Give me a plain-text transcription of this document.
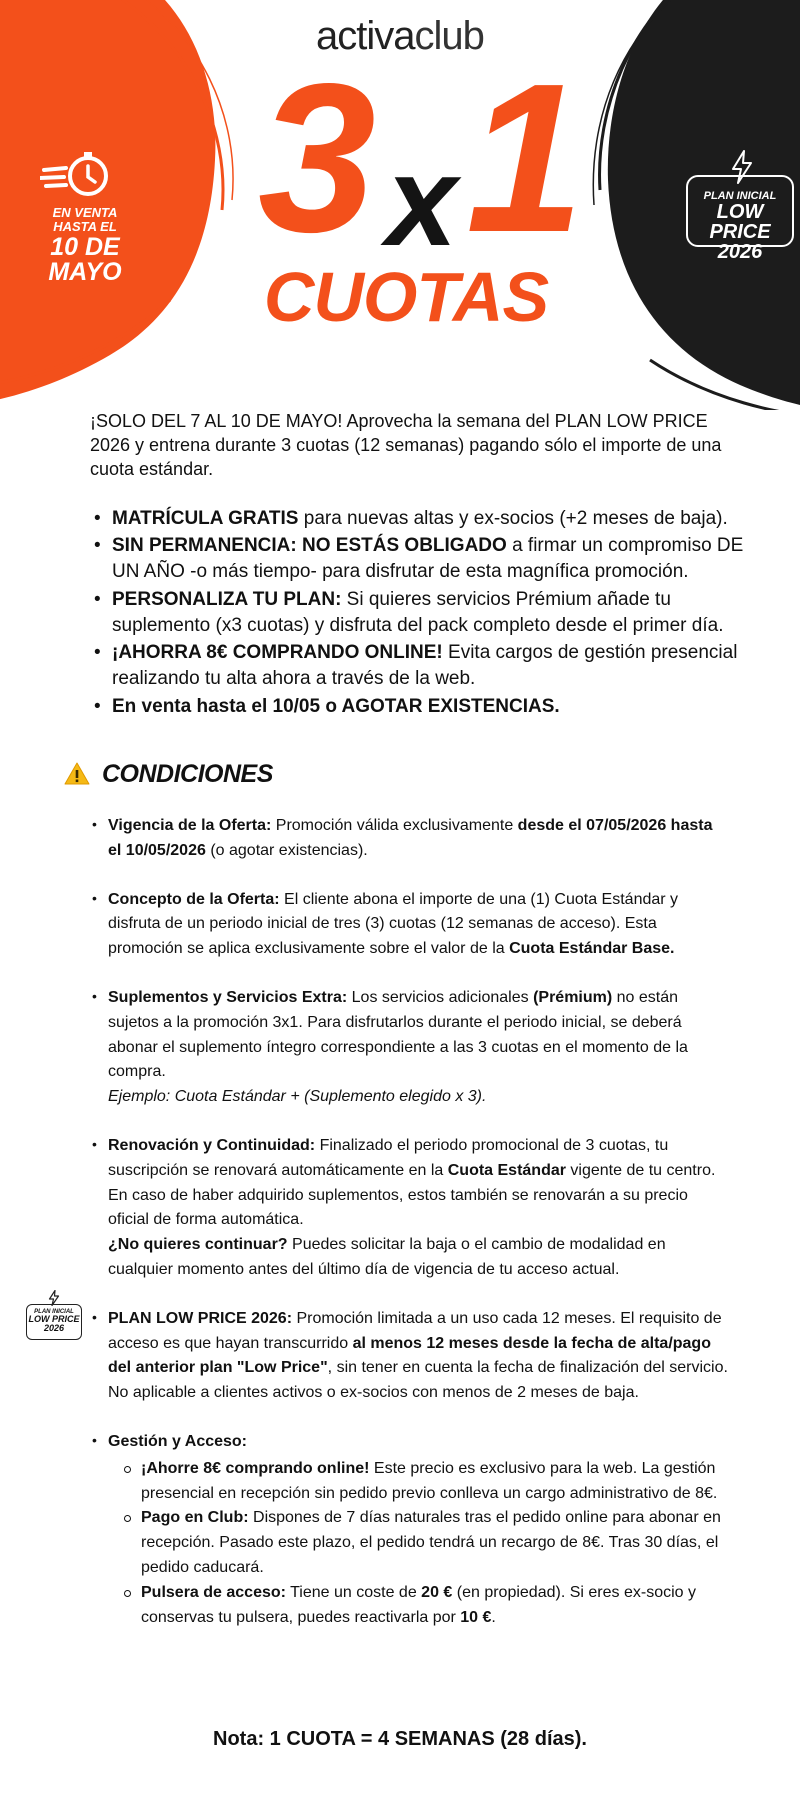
activaclub
3 x 1
CUOTAS
EN VENTA
HASTA EL
10 DE
MAYO
PLAN INICIAL
LOW PRICE
2026

¡SOLO DEL 7 AL 10 DE MAYO! Aprovecha la semana del PLAN LOW PRICE 2026 y entrena durante 3 cuotas (12 semanas) pagando sólo el importe de una cuota estándar.

• MATRÍCULA GRATIS para nuevas altas y ex-socios (+2 meses de baja).
• SIN PERMANENCIA: NO ESTÁS OBLIGADO a firmar un compromiso DE UN AÑO -o más tiempo- para disfrutar de esta magnífica promoción.
• PERSONALIZA TU PLAN: Si quieres servicios Prémium añade tu suplemento (x3 cuotas) y disfruta del pack completo desde el primer día.
• ¡AHORRA 8€ COMPRANDO ONLINE! Evita cargos de gestión presencial realizando tu alta ahora a través de la web.
• En venta hasta el 10/05 o AGOTAR EXISTENCIAS.
CONDICIONES
PLAN INICIAL
LOW PRICE
2026
• Vigencia de la Oferta: Promoción válida exclusivamente desde el 07/05/2026 hasta el 10/05/2026 (o agotar existencias).
• Concepto de la Oferta: El cliente abona el importe de una (1) Cuota Estándar y disfruta de un periodo inicial de tres (3) cuotas (12 semanas de acceso). Esta promoción se aplica exclusivamente sobre el valor de la Cuota Estándar Base.
• Suplementos y Servicios Extra: Los servicios adicionales (Prémium) no están sujetos a la promoción 3x1. Para disfrutarlos durante el periodo inicial, se deberá abonar el suplemento íntegro correspondiente a las 3 cuotas en el momento de la compra.
Ejemplo: Cuota Estándar + (Suplemento elegido x 3).
• Renovación y Continuidad: Finalizado el periodo promocional de 3 cuotas, tu suscripción se renovará automáticamente en la Cuota Estándar vigente de tu centro. En caso de haber adquirido suplementos, estos también se renovarán a su precio oficial de forma automática.
¿No quieres continuar? Puedes solicitar la baja o el cambio de modalidad en cualquier momento antes del último día de vigencia de tu acceso actual.
• PLAN LOW PRICE 2026: Promoción limitada a un uso cada 12 meses. El requisito de acceso es que hayan transcurrido al menos 12 meses desde la fecha de alta/pago del anterior plan "Low Price", sin tener en cuenta la fecha de finalización del servicio. No aplicable a clientes activos o ex-socios con menos de 2 meses de baja.
• Gestión y Acceso:
¡Ahorre 8€ comprando online! Este precio es exclusivo para la web. La gestión presencial en recepción sin pedido previo conlleva un cargo administrativo de 8€.
Pago en Club: Dispones de 7 días naturales tras el pedido online para abonar en recepción. Pasado este plazo, el pedido tendrá un recargo de 8€. Tras 30 días, el pedido caducará.
Pulsera de acceso: Tiene un coste de 20 € (en propiedad). Si eres ex-socio y conservas tu pulsera, puedes reactivarla por 10 €.
Nota: 1 CUOTA = 4 SEMANAS (28 días).
